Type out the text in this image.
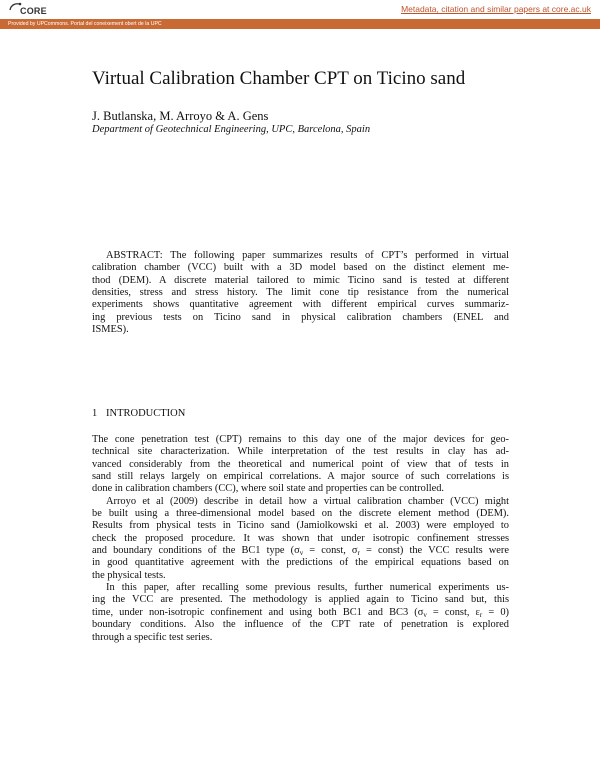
CORE	Metadata, citation and similar papers at core.ac.uk
Provided by UPCommons. Portal del coneixement obert de la UPC
Virtual Calibration Chamber CPT on Ticino sand
J. Butlanska, M. Arroyo & A. Gens
Department of Geotechnical Engineering, UPC, Barcelona, Spain
ABSTRACT: The following paper summarizes results of CPT’s performed in virtual
calibration chamber (VCC) built with a 3D model based on the distinct element me-
thod (DEM). A discrete material tailored to mimic Ticino sand is tested at different
densities, stress and stress history. The limit cone tip resistance from the numerical
experiments shows quantitative agreement with different empirical curves summariz-
ing previous tests on Ticino sand in physical calibration chambers (ENEL and
ISMES).
1 INTRODUCTION
The cone penetration test (CPT) remains to this day one of the major devices for geo-
technical site characterization. While interpretation of the test results in clay has ad-
vanced considerably from the theoretical and numerical point of view that of tests in
sand still relays largely on empirical correlations. A major source of such correlations is
done in calibration chambers (CC), where soil state and properties can be controlled.
Arroyo et al (2009) describe in detail how a virtual calibration chamber (VCC) might
be built using a three-dimensional model based on the discrete element method (DEM).
Results from physical tests in Ticino sand (Jamiolkowski et al. 2003) were employed to
check the proposed procedure. It was shown that under isotropic confinement stresses
and boundary conditions of the BC1 type ($\sigma_v$ = const, $\sigma_r$ = const) the VCC results were
in good quantitative agreement with the predictions of the empirical equations based on
the physical tests.
In this paper, after recalling some previous results, further numerical experiments us-
ing the VCC are presented. The methodology is applied again to Ticino sand but, this
time, under non-isotropic confinement and using both BC1 and BC3 ($\sigma_v$ = const, $\varepsilon_r = 0$)
boundary conditions. Also the influence of the CPT rate of penetration is explored
through a specific test series.
